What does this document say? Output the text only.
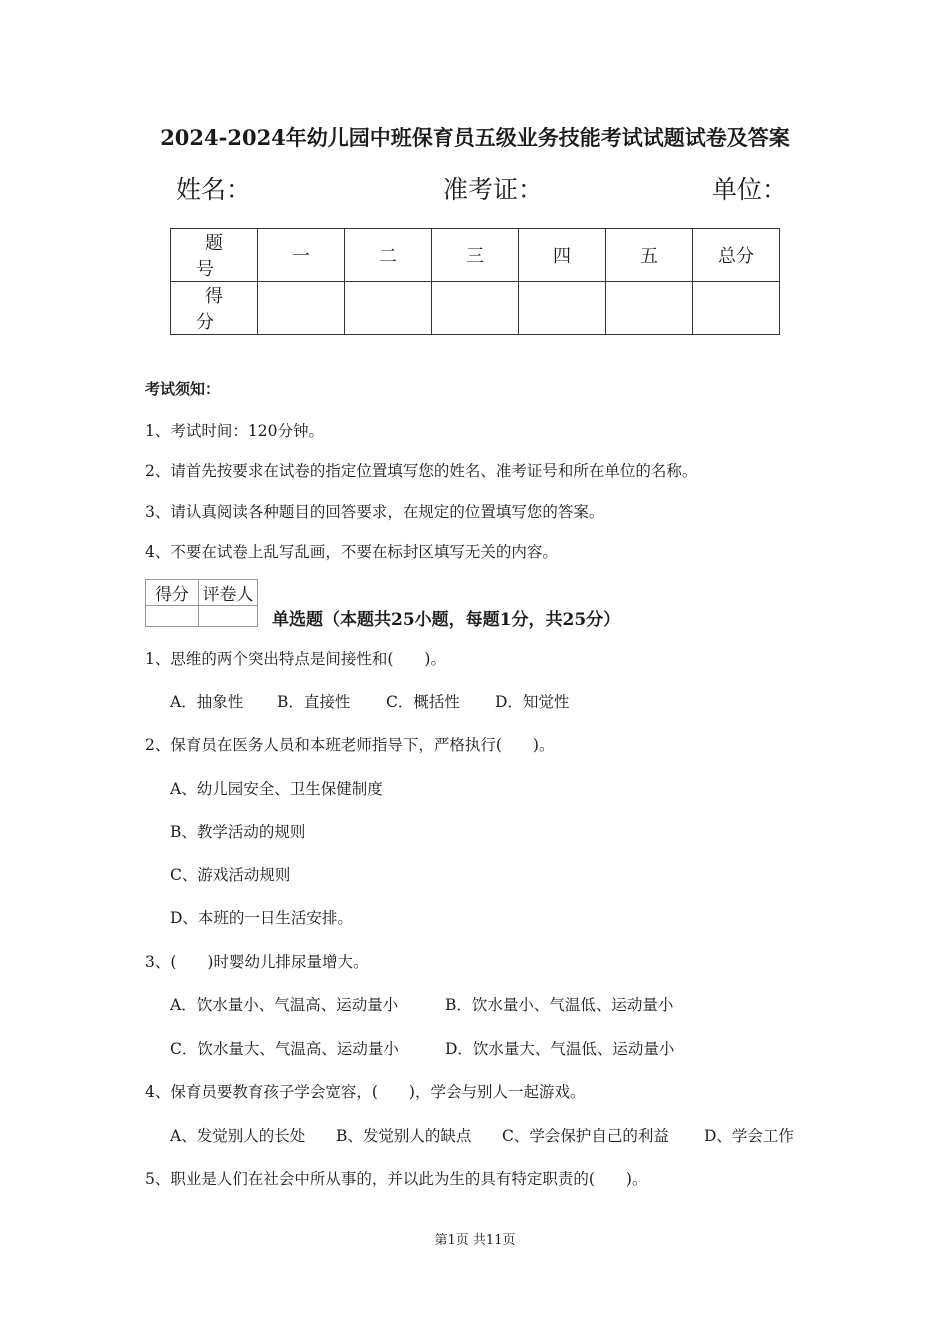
2024-2024年幼儿园中班保育员五级业务技能考试试题试卷及答案
姓名：	准考证：	单位：
题号	一	二	三	四	五	总分
得分						
考试须知：
1、考试时间：120分钟。
2、请首先按要求在试卷的指定位置填写您的姓名、准考证号和所在单位的名称。
3、请认真阅读各种题目的回答要求，在规定的位置填写您的答案。
4、不要在试卷上乱写乱画，不要在标封区填写无关的内容。
得分	评卷人

单选题（本题共25小题，每题1分，共25分）
1、思维的两个突出特点是间接性和(　　)。
A．抽象性 B．直接性 C．概括性 D．知觉性
2、保育员在医务人员和本班老师指导下，严格执行(　　)。
A、幼儿园安全、卫生保健制度
B、教学活动的规则
C、游戏活动规则
D、本班的一日生活安排。
3、(　　)时婴幼儿排尿量增大。
A．饮水量小、气温高、运动量小	B．饮水量小、气温低、运动量小
C．饮水量大、气温高、运动量小	D．饮水量大、气温低、运动量小
4、保育员要教育孩子学会宽容，(　　)，学会与别人一起游戏。
A、发觉别人的长处 B、发觉别人的缺点 C、学会保护自己的利益 D、学会工作
5、职业是人们在社会中所从事的，并以此为生的具有特定职责的(　　)。
第1页 共11页
